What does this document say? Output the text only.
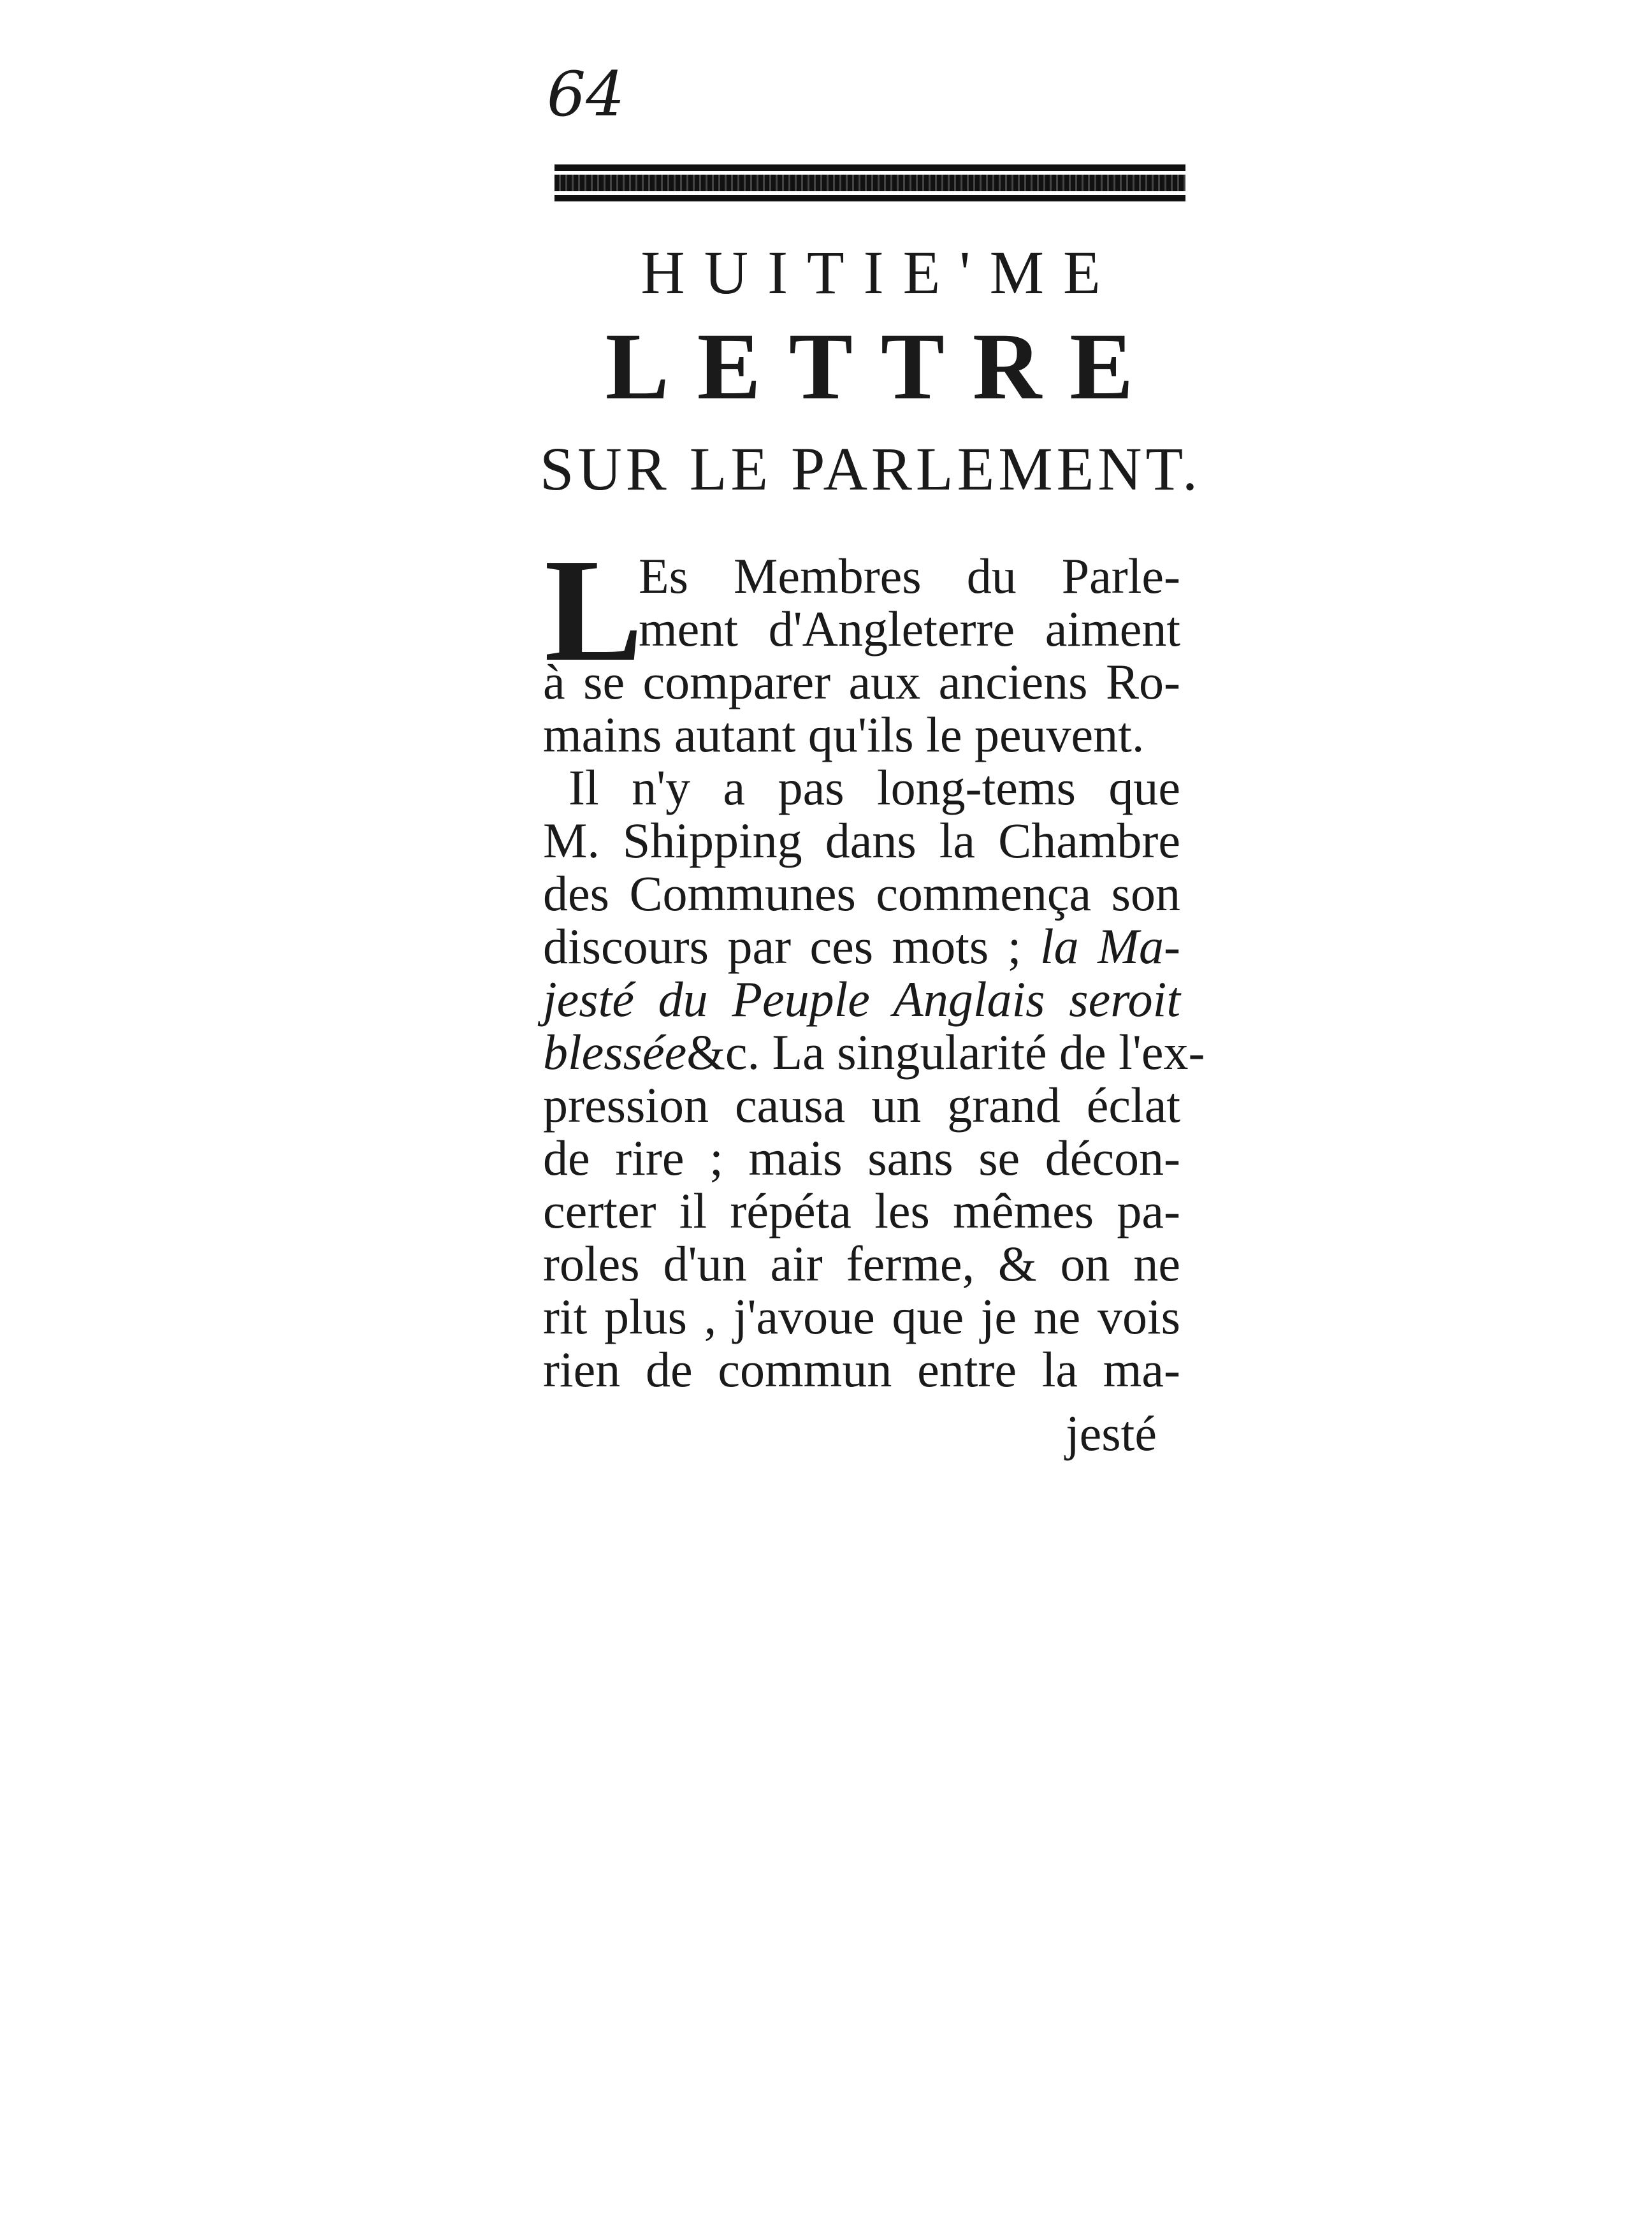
64
HUITIE'ME
LETTRE
SUR LE PARLEMENT.
L
Es Membres du Parle-
ment d'Angleterre aiment
à se comparer aux anciens Ro-
mains autant qu'ils le peuvent.
Il n'y a pas long-tems que
M. Shipping dans la Chambre
des Communes commença son
discours par ces mots ; la Ma-
jesté du Peuple Anglais seroit
blessée&c. La singularité de l'ex-
pression causa un grand éclat
de rire ; mais sans se décon-
certer il répéta les mêmes pa-
roles d'un air ferme, & on ne
rit plus , j'avoue que je ne vois
rien de commun entre la ma-
jesté
